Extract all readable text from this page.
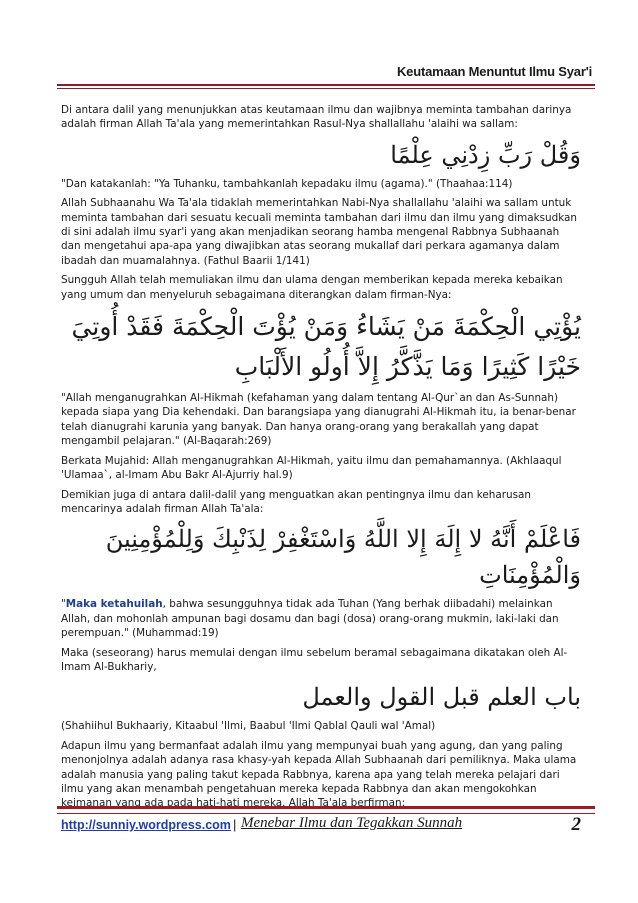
Keutamaan Menuntut Ilmu Syar'i

Di antara dalil yang menunjukkan atas keutamaan ilmu dan wajibnya meminta tambahan darinya adalah firman Allah Ta'ala yang memerintahkan Rasul-Nya shallallahu 'alaihi wa sallam:

وَقُلْ رَبِّ زِدْنِي عِلْمًا

"Dan katakanlah: "Ya Tuhanku, tambahkanlah kepadaku ilmu (agama)." (Thaahaa:114)

Allah Subhaanahu Wa Ta'ala tidaklah memerintahkan Nabi-Nya shallallahu 'alaihi wa sallam untuk meminta tambahan dari sesuatu kecuali meminta tambahan dari ilmu dan ilmu yang dimaksudkan di sini adalah ilmu syar'i yang akan menjadikan seorang hamba mengenal Rabbnya Subhaanah dan mengetahui apa-apa yang diwajibkan atas seorang mukallaf dari perkara agamanya dalam ibadah dan muamalahnya. (Fathul Baarii 1/141)

Sungguh Allah telah memuliakan ilmu dan ulama dengan memberikan kepada mereka kebaikan yang umum dan menyeluruh sebagaimana diterangkan dalam firman-Nya:

يُؤْتِي الْحِكْمَةَ مَنْ يَشَاءُ وَمَنْ يُؤْتَ الْحِكْمَةَ فَقَدْ أُوتِيَ خَيْرًا كَثِيرًا وَمَا يَذَّكَّرُ إِلاَّ أُولُو الأَلْبَابِ

"Allah menganugrahkan Al-Hikmah (kefahaman yang dalam tentang Al-Qur`an dan As-Sunnah) kepada siapa yang Dia kehendaki. Dan barangsiapa yang dianugrahi Al-Hikmah itu, ia benar-benar telah dianugrahi karunia yang banyak. Dan hanya orang-orang yang berakallah yang dapat mengambil pelajaran." (Al-Baqarah:269)

Berkata Mujahid: Allah menganugrahkan Al-Hikmah, yaitu ilmu dan pemahamannya. (Akhlaaqul 'Ulamaa`, al-Imam Abu Bakr Al-Ajurriy hal.9)

Demikian juga di antara dalil-dalil yang menguatkan akan pentingnya ilmu dan keharusan mencarinya adalah firman Allah Ta'ala:

فَاعْلَمْ أَنَّهُ لا إِلَهَ إِلا اللَّهُ وَاسْتَغْفِرْ لِذَنْبِكَ وَلِلْمُؤْمِنِينَ وَالْمُؤْمِنَاتِ

"Maka ketahuilah, bahwa sesungguhnya tidak ada Tuhan (Yang berhak diibadahi) melainkan Allah, dan mohonlah ampunan bagi dosamu dan bagi (dosa) orang-orang mukmin, laki-laki dan perempuan." (Muhammad:19)

Maka (seseorang) harus memulai dengan ilmu sebelum beramal sebagaimana dikatakan oleh Al-Imam Al-Bukhariy,

باب العلم قبل القول والعمل

(Shahiihul Bukhaariy, Kitaabul 'Ilmi, Baabul 'Ilmi Qablal Qauli wal 'Amal)

Adapun ilmu yang bermanfaat adalah ilmu yang mempunyai buah yang agung, dan yang paling menonjolnya adalah adanya rasa khasy-yah kepada Allah Subhaanah dari pemiliknya. Maka ulama adalah manusia yang paling takut kepada Rabbnya, karena apa yang telah mereka pelajari dari ilmu yang akan menambah pengetahuan mereka kepada Rabbnya dan akan mengokohkan keimanan yang ada pada hati-hati mereka. Allah Ta'ala berfirman:

http://sunniy.wordpress.com | Menebar Ilmu dan Tegakkan Sunnah	2
